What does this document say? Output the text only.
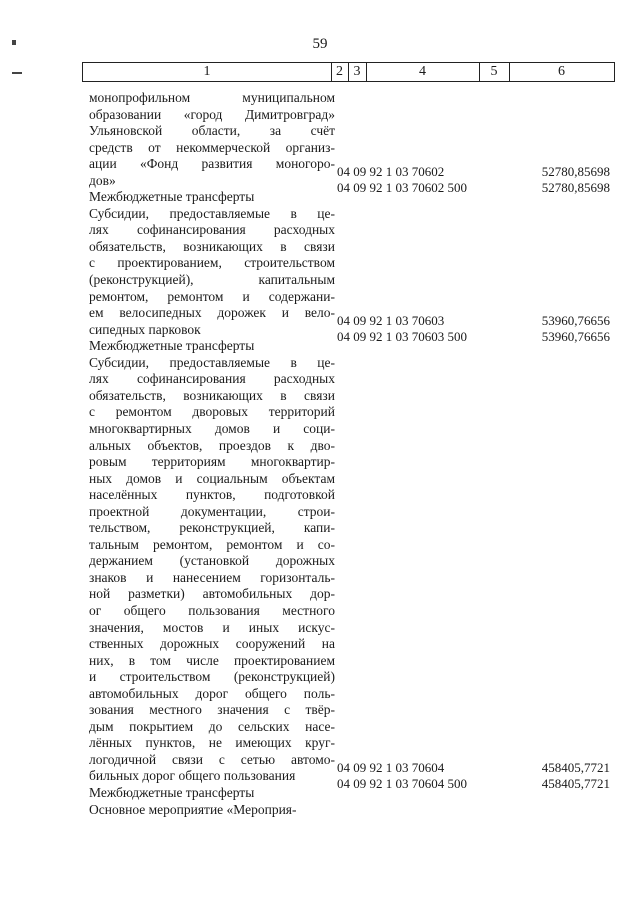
59
1	2 3	4	5	6
монопрофильном муниципальном
образовании «город Димитровград»
Ульяновской области, за счёт
средств от некоммерческой организ-
ации «Фонд развития моногоро-
дов»
04 09 92 1 03 70602	52780,85698
Межбюджетные трансферты
04 09 92 1 03 70602 500	52780,85698
Субсидии, предоставляемые в це-
лях софинансирования расходных
обязательств, возникающих в связи
с проектированием, строительством
(реконструкцией), капитальным
ремонтом, ремонтом и содержани-
ем велосипедных дорожек и вело-
сипедных парковок
04 09 92 1 03 70603	53960,76656
Межбюджетные трансферты
04 09 92 1 03 70603 500	53960,76656
Субсидии, предоставляемые в це-
лях софинансирования расходных
обязательств, возникающих в связи
с ремонтом дворовых территорий
многоквартирных домов и соци-
альных объектов, проездов к дво-
ровым территориям многоквартир-
ных домов и социальным объектам
населённых пунктов, подготовкой
проектной документации, строи-
тельством, реконструкцией, капи-
тальным ремонтом, ремонтом и со-
держанием (установкой дорожных
знаков и нанесением горизонталь-
ной разметки) автомобильных дор-
ог общего пользования местного
значения, мостов и иных искус-
ственных дорожных сооружений на
них, в том числе проектированием
и строительством (реконструкцией)
автомобильных дорог общего поль-
зования местного значения с твёр-
дым покрытием до сельских насе-
лённых пунктов, не имеющих круг-
логодичной связи с сетью автомо-
бильных дорог общего пользования
04 09 92 1 03 70604	458405,7721
Межбюджетные трансферты
04 09 92 1 03 70604 500	458405,7721
Основное мероприятие «Мероприя-
